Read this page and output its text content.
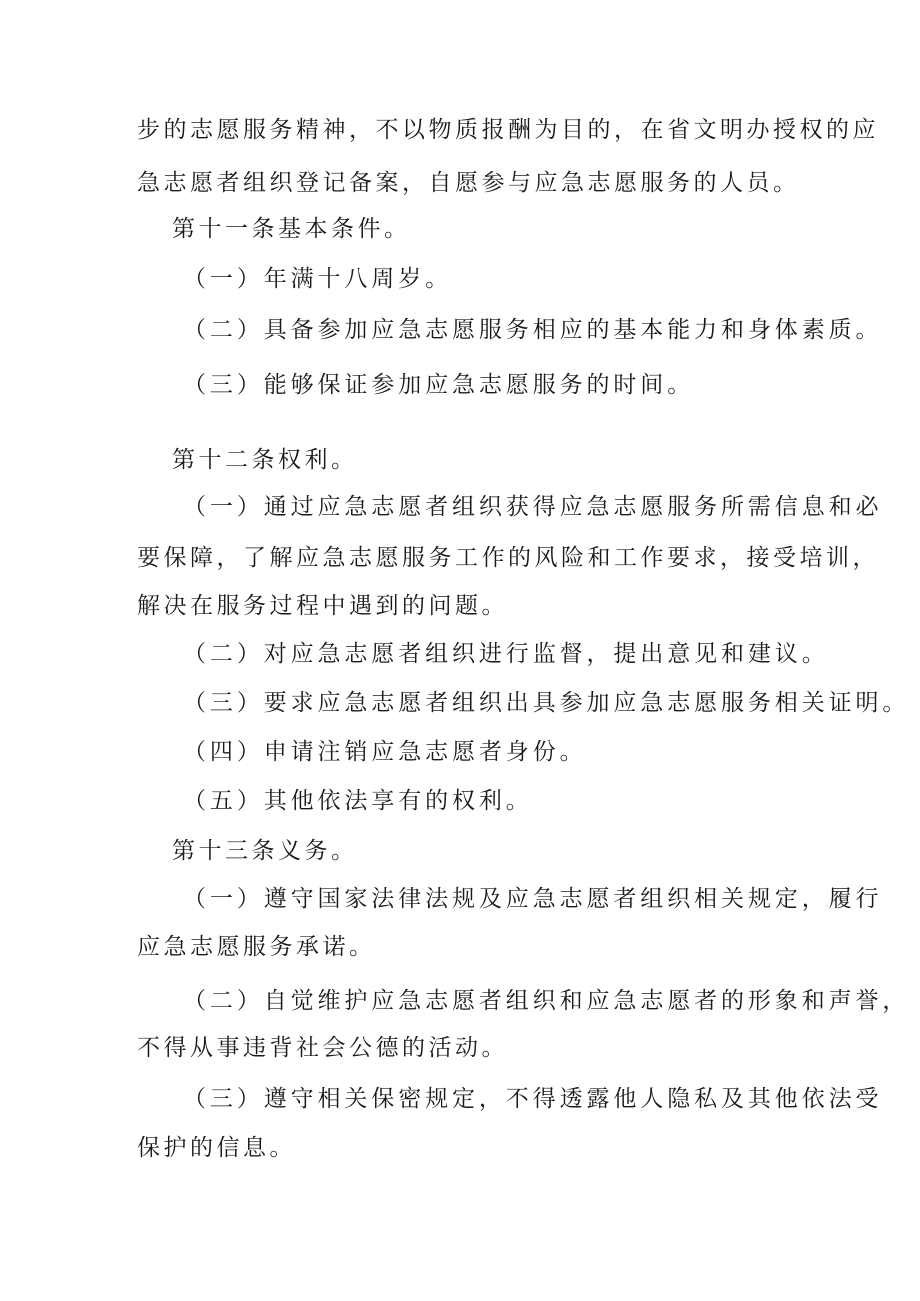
步的志愿服务精神，不以物质报酬为目的，在省文明办授权的应
急志愿者组织登记备案，自愿参与应急志愿服务的人员。
第十一条基本条件。
（一）年满十八周岁。
（二）具备参加应急志愿服务相应的基本能力和身体素质。
（三）能够保证参加应急志愿服务的时间。
第十二条权利。
（一）通过应急志愿者组织获得应急志愿服务所需信息和必
要保障，了解应急志愿服务工作的风险和工作要求，接受培训，
解决在服务过程中遇到的问题。
（二）对应急志愿者组织进行监督，提出意见和建议。
（三）要求应急志愿者组织出具参加应急志愿服务相关证明。
（四）申请注销应急志愿者身份。
（五）其他依法享有的权利。
第十三条义务。
（一）遵守国家法律法规及应急志愿者组织相关规定，履行
应急志愿服务承诺。
（二）自觉维护应急志愿者组织和应急志愿者的形象和声誉，
不得从事违背社会公德的活动。
（三）遵守相关保密规定，不得透露他人隐私及其他依法受
保护的信息。
